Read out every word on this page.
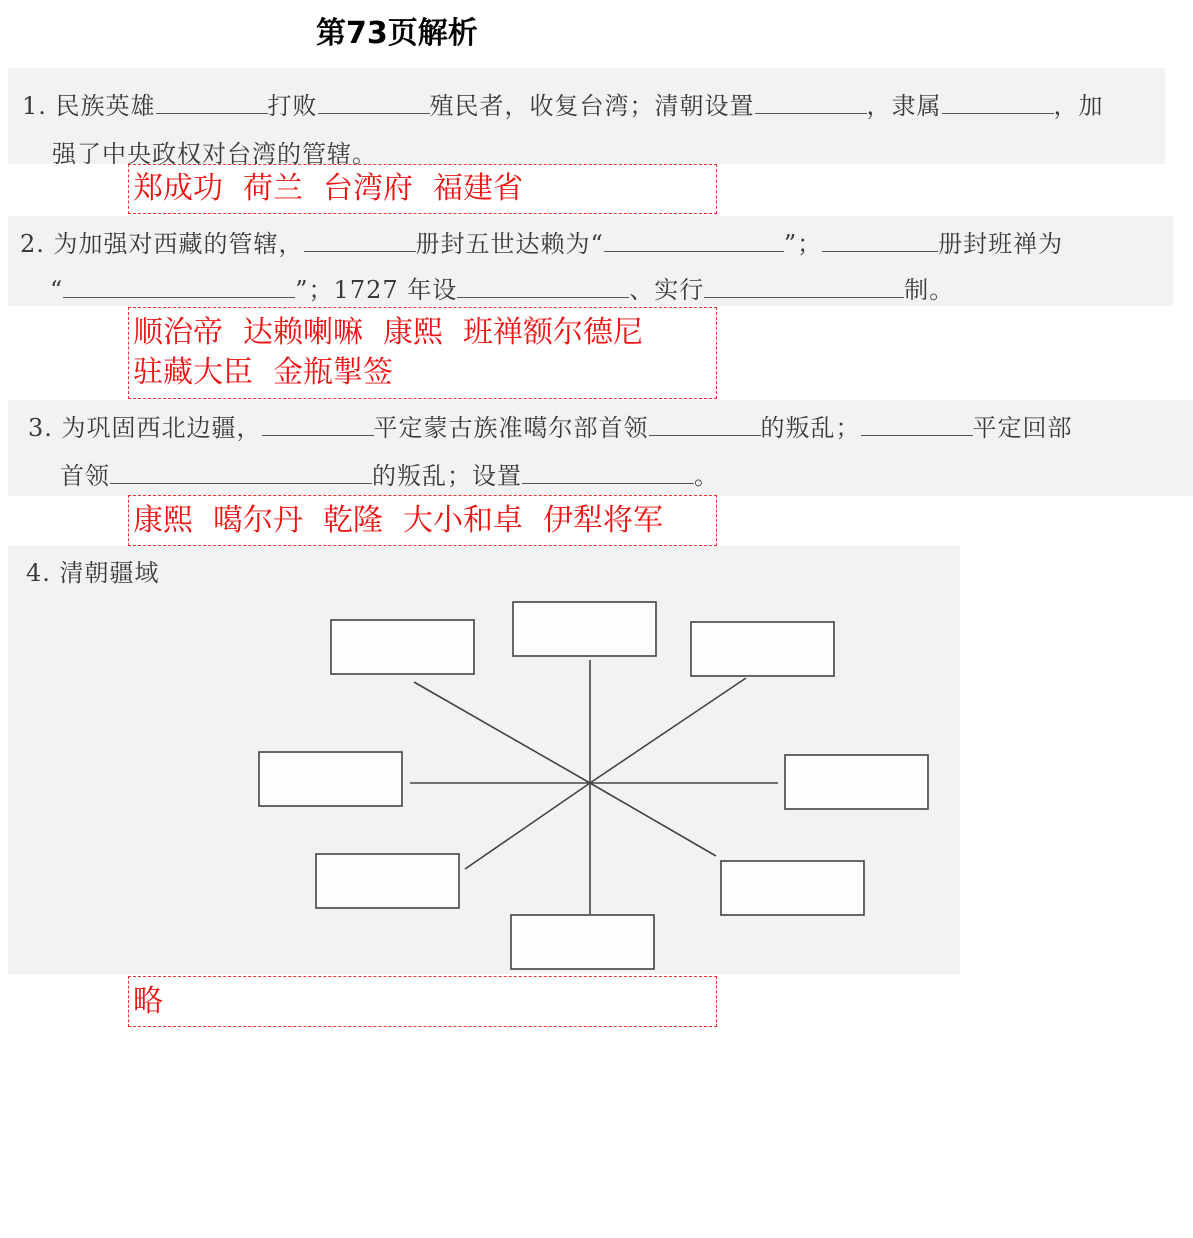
第73页解析
1. 民族英雄	打败	殖民者，收复台湾；清朝设置	，隶属	，加
强了中央政权对台湾的管辖。
郑成功 荷兰 台湾府 福建省
2. 为加强对西藏的管辖，	册封五世达赖为“	”；	册封班禅为
“	”；1727 年设	、实行	制。
顺治帝 达赖喇嘛 康熙 班禅额尔德尼
驻藏大臣 金瓶掣签
3. 为巩固西北边疆，	平定蒙古族准噶尔部首领	的叛乱；	平定回部
首领	的叛乱；设置	。
康熙 噶尔丹 乾隆 大小和卓 伊犁将军
4. 清朝疆域
略
